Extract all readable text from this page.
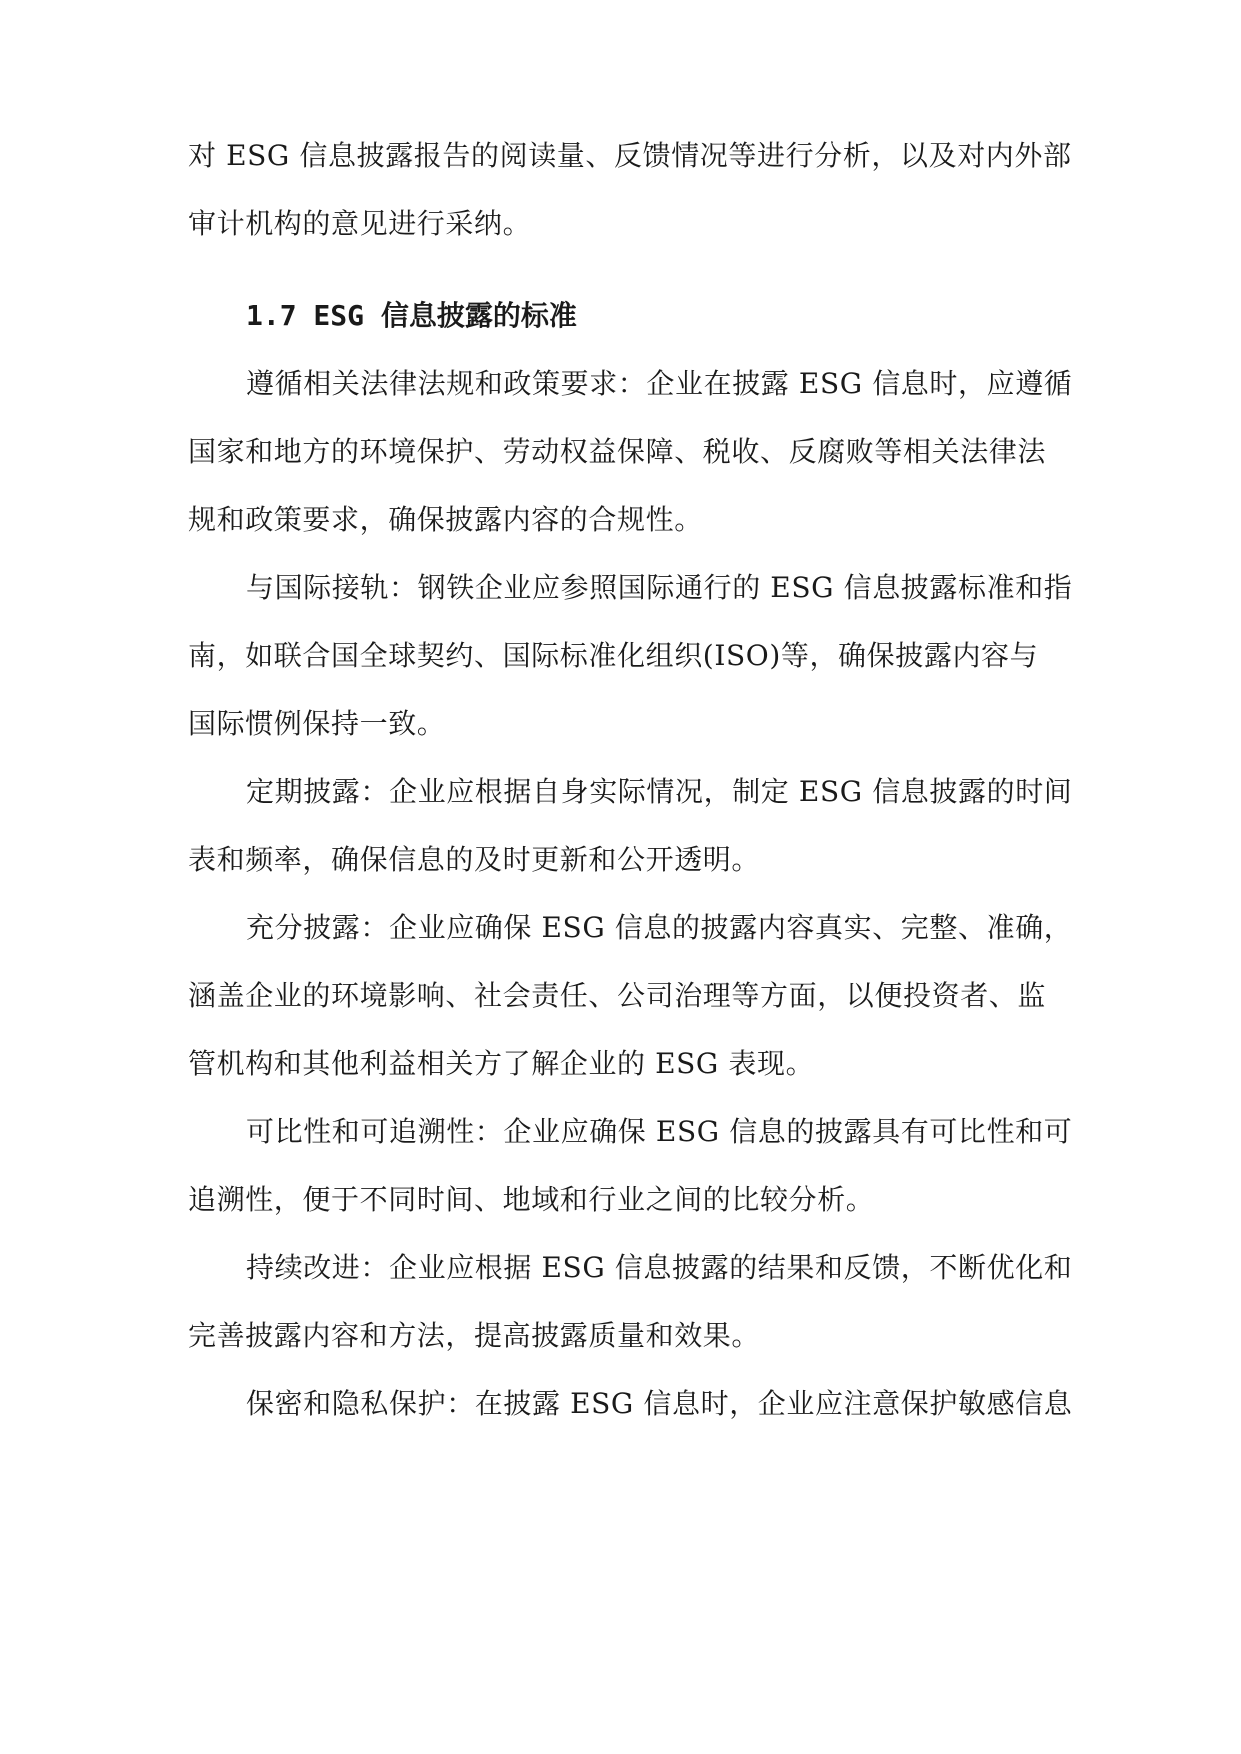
对 ESG 信息披露报告的阅读量、反馈情况等进行分析，以及对内外部
审计机构的意见进行采纳。
1.7 ESG 信息披露的标准
遵循相关法律法规和政策要求：企业在披露 ESG 信息时，应遵循
国家和地方的环境保护、劳动权益保障、税收、反腐败等相关法律法
规和政策要求，确保披露内容的合规性。
与国际接轨：钢铁企业应参照国际通行的 ESG 信息披露标准和指
南，如联合国全球契约、国际标准化组织(ISO)等，确保披露内容与
国际惯例保持一致。
定期披露：企业应根据自身实际情况，制定 ESG 信息披露的时间
表和频率，确保信息的及时更新和公开透明。
充分披露：企业应确保 ESG 信息的披露内容真实、完整、准确，
涵盖企业的环境影响、社会责任、公司治理等方面，以便投资者、监
管机构和其他利益相关方了解企业的 ESG 表现。
可比性和可追溯性：企业应确保 ESG 信息的披露具有可比性和可
追溯性，便于不同时间、地域和行业之间的比较分析。
持续改进：企业应根据 ESG 信息披露的结果和反馈，不断优化和
完善披露内容和方法，提高披露质量和效果。
保密和隐私保护：在披露 ESG 信息时，企业应注意保护敏感信息
